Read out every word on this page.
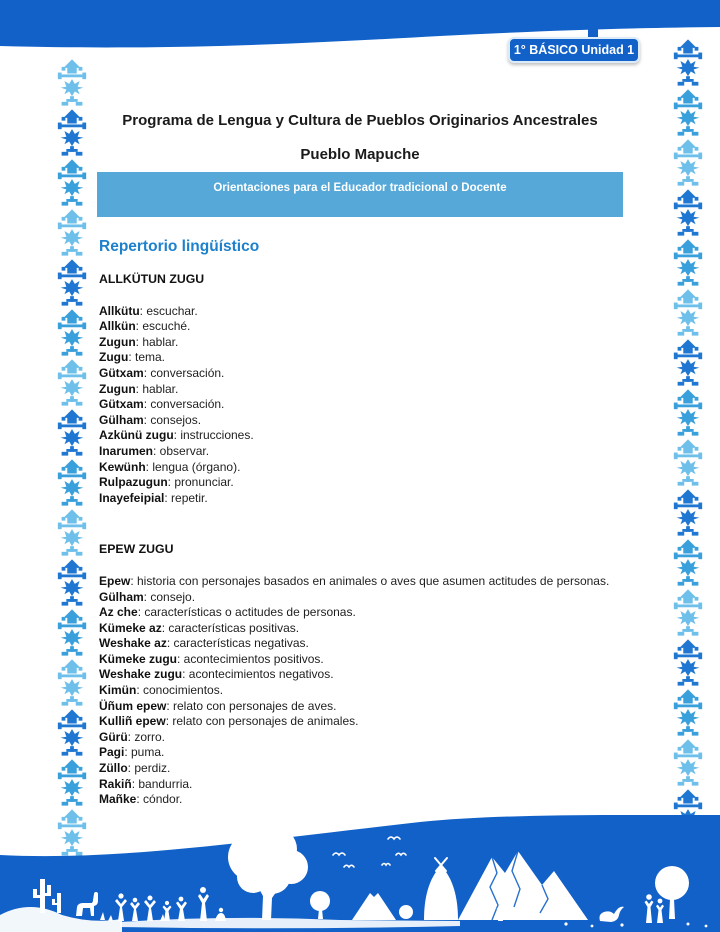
1° BÁSICO Unidad 1
Programa de Lengua y Cultura de Pueblos Originarios Ancestrales
Pueblo Mapuche
Orientaciones para el Educador tradicional o Docente
Repertorio lingüístico
ALLKÜTUN ZUGU
Allkütu: escuchar.
Allkün: escuché.
Zugun: hablar.
Zugu: tema.
Gütxam: conversación.
Zugun: hablar.
Gütxam: conversación.
Gülham: consejos.
Azkünü zugu: instrucciones.
Inarumen: observar.
Kewünh: lengua (órgano).
Rulpazugun: pronunciar.
Inayefeipial: repetir.
EPEW ZUGU
Epew: historia con personajes basados en animales o aves que asumen actitudes de personas.
Gülham: consejo.
Az che: características o actitudes de personas.
Kümeke az: características positivas.
Weshake az: características negativas.
Kümeke zugu: acontecimientos positivos.
Weshake zugu: acontecimientos negativos.
Kimün: conocimientos.
Üñum epew: relato con personajes de aves.
Kulliñ epew: relato con personajes de animales.
Gürü: zorro.
Pagi: puma.
Züllo: perdiz.
Rakiñ: bandurria.
Mañke: cóndor.
